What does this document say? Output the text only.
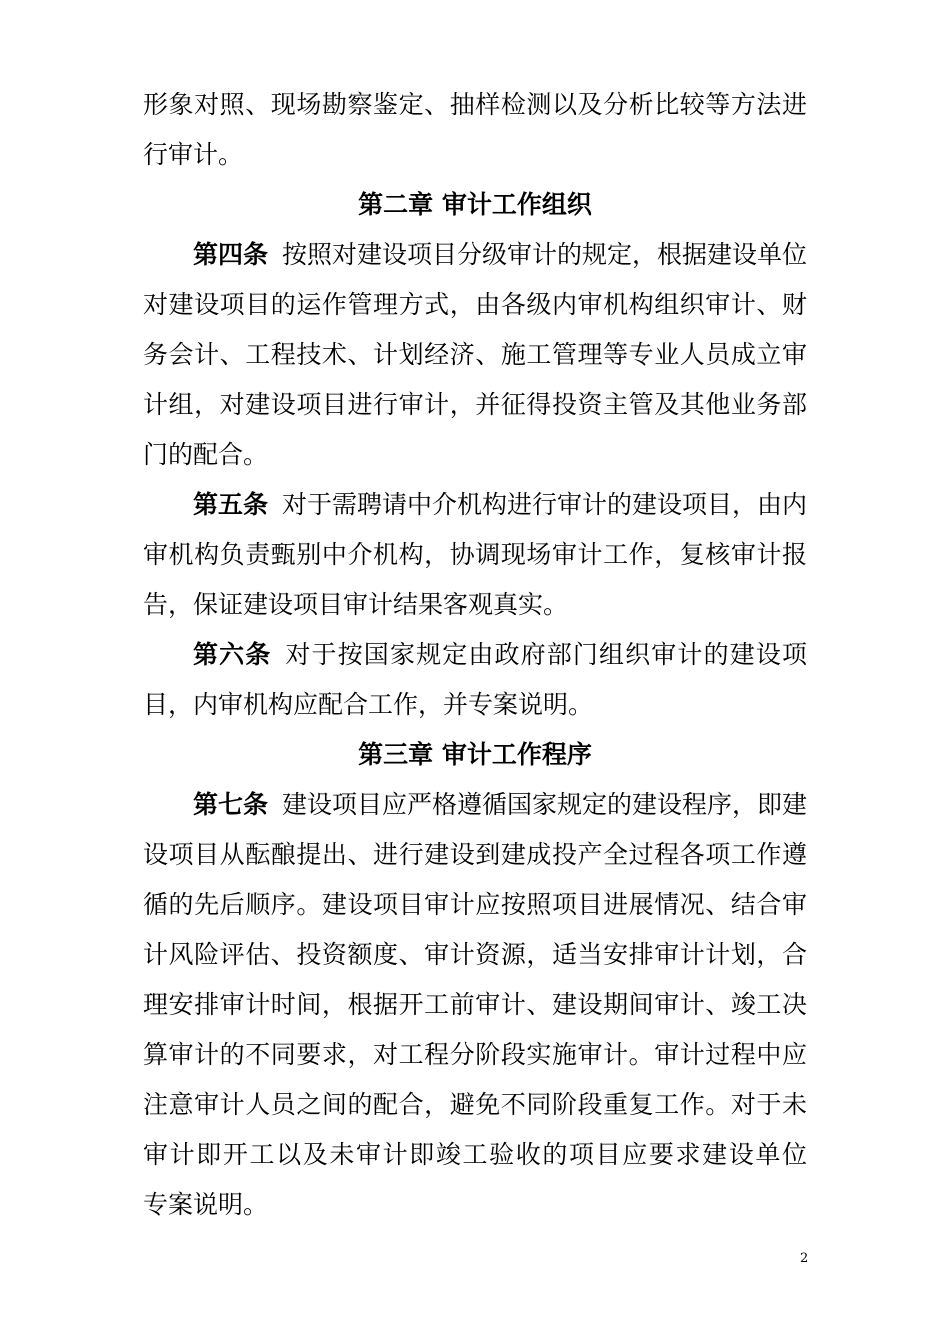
形象对照、现场勘察鉴定、抽样检测以及分析比较等方法进
行审计。
第二章 审计工作组织
第四条 按照对建设项目分级审计的规定，根据建设单位
对建设项目的运作管理方式，由各级内审机构组织审计、财
务会计、工程技术、计划经济、施工管理等专业人员成立审
计组，对建设项目进行审计，并征得投资主管及其他业务部
门的配合。
第五条 对于需聘请中介机构进行审计的建设项目，由内
审机构负责甄别中介机构，协调现场审计工作，复核审计报
告，保证建设项目审计结果客观真实。
第六条 对于按国家规定由政府部门组织审计的建设项
目，内审机构应配合工作，并专案说明。
第三章 审计工作程序
第七条 建设项目应严格遵循国家规定的建设程序，即建
设项目从酝酿提出、进行建设到建成投产全过程各项工作遵
循的先后顺序。建设项目审计应按照项目进展情况、结合审
计风险评估、投资额度、审计资源，适当安排审计计划，合
理安排审计时间，根据开工前审计、建设期间审计、竣工决
算审计的不同要求，对工程分阶段实施审计。审计过程中应
注意审计人员之间的配合，避免不同阶段重复工作。对于未
审计即开工以及未审计即竣工验收的项目应要求建设单位
专案说明。
2
